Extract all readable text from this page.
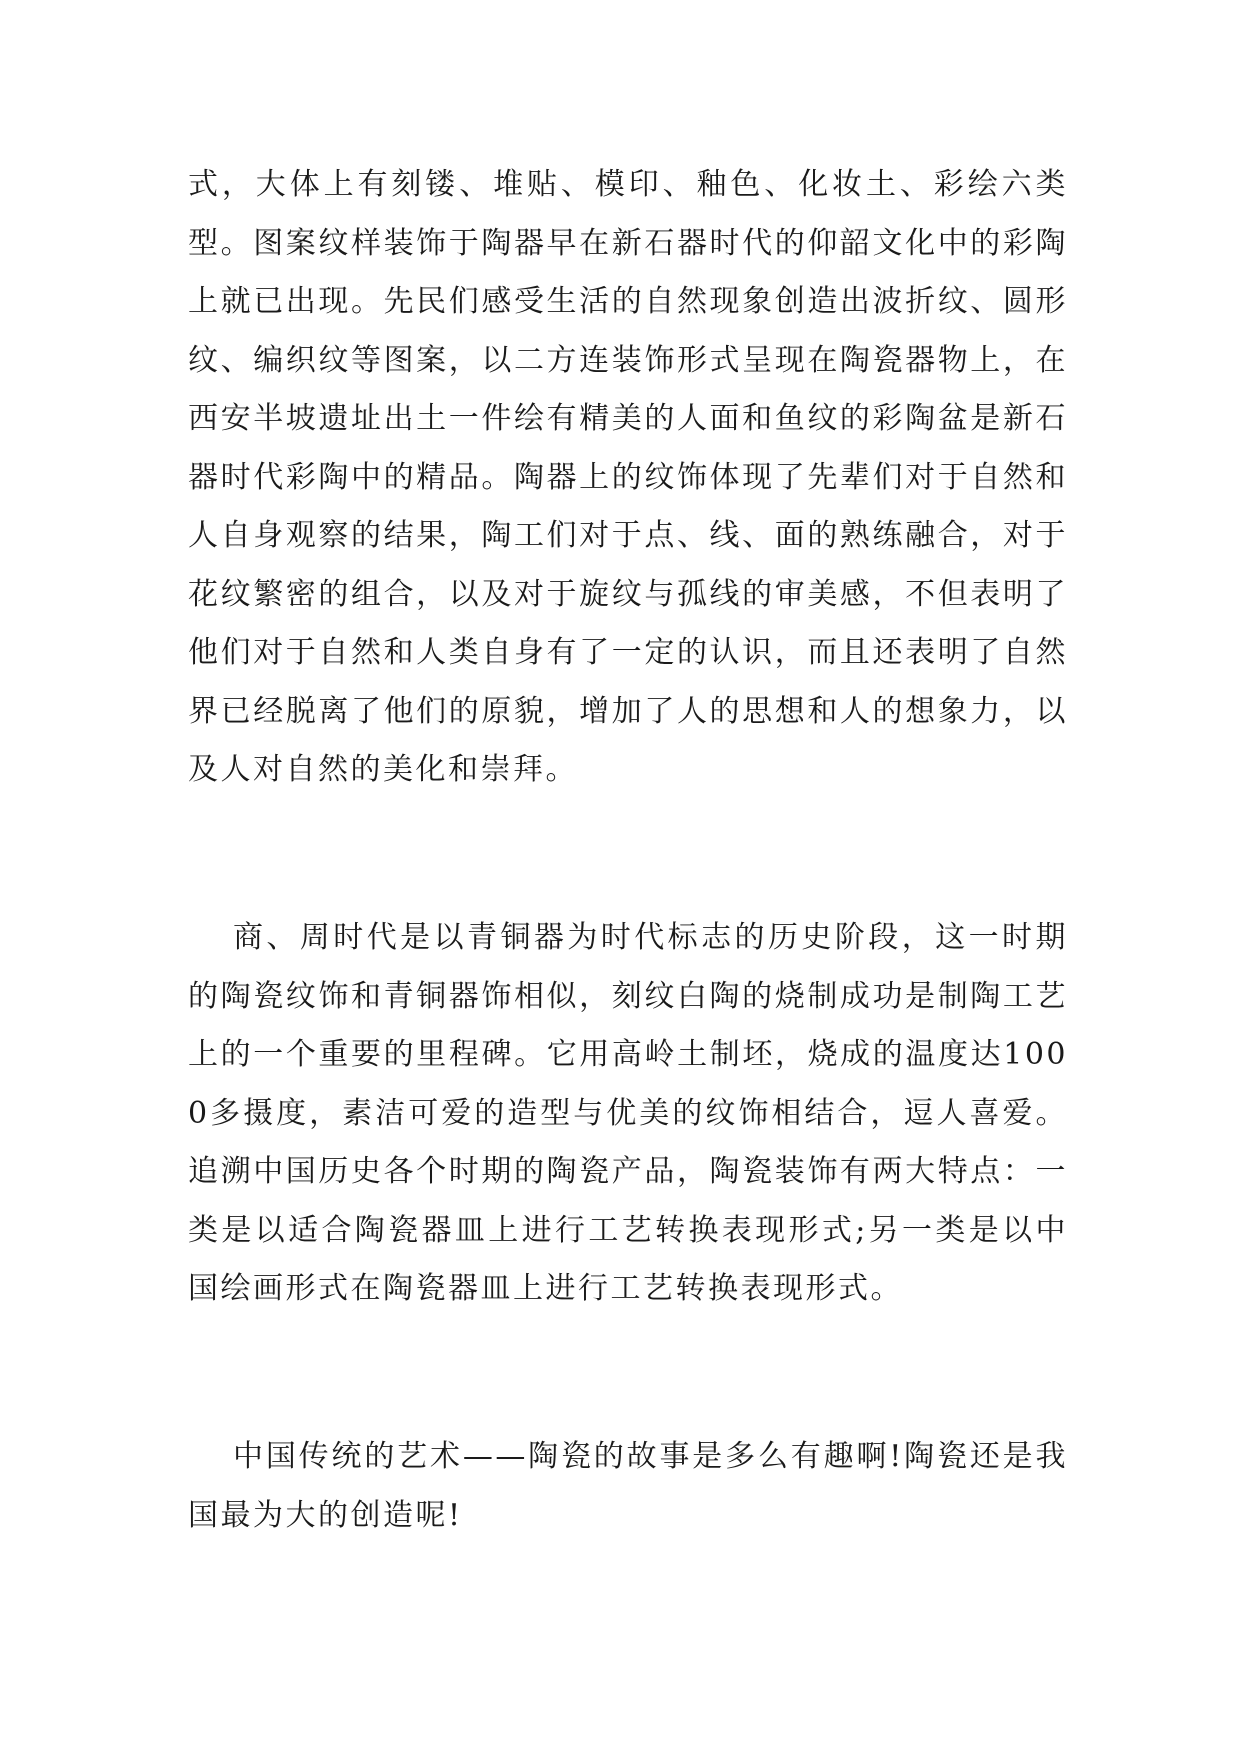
式，大体上有刻镂、堆贴、模印、釉色、化妆土、彩绘六类型。图案纹样装饰于陶器早在新石器时代的仰韶文化中的彩陶上就已出现。先民们感受生活的自然现象创造出波折纹、圆形纹、编织纹等图案，以二方连装饰形式呈现在陶瓷器物上，在西安半坡遗址出土一件绘有精美的人面和鱼纹的彩陶盆是新石器时代彩陶中的精品。陶器上的纹饰体现了先辈们对于自然和人自身观察的结果，陶工们对于点、线、面的熟练融合，对于花纹繁密的组合，以及对于旋纹与孤线的审美感，不但表明了他们对于自然和人类自身有了一定的认识，而且还表明了自然界已经脱离了他们的原貌，增加了人的思想和人的想象力，以及人对自然的美化和崇拜。

商、周时代是以青铜器为时代标志的历史阶段，这一时期的陶瓷纹饰和青铜器饰相似，刻纹白陶的烧制成功是制陶工艺上的一个重要的里程碑。它用高岭土制坯，烧成的温度达1000多摄度，素洁可爱的造型与优美的纹饰相结合，逗人喜爱。追溯中国历史各个时期的陶瓷产品，陶瓷装饰有两大特点：一类是以适合陶瓷器皿上进行工艺转换表现形式;另一类是以中国绘画形式在陶瓷器皿上进行工艺转换表现形式。

中国传统的艺术——陶瓷的故事是多么有趣啊!陶瓷还是我国最为大的创造呢!
